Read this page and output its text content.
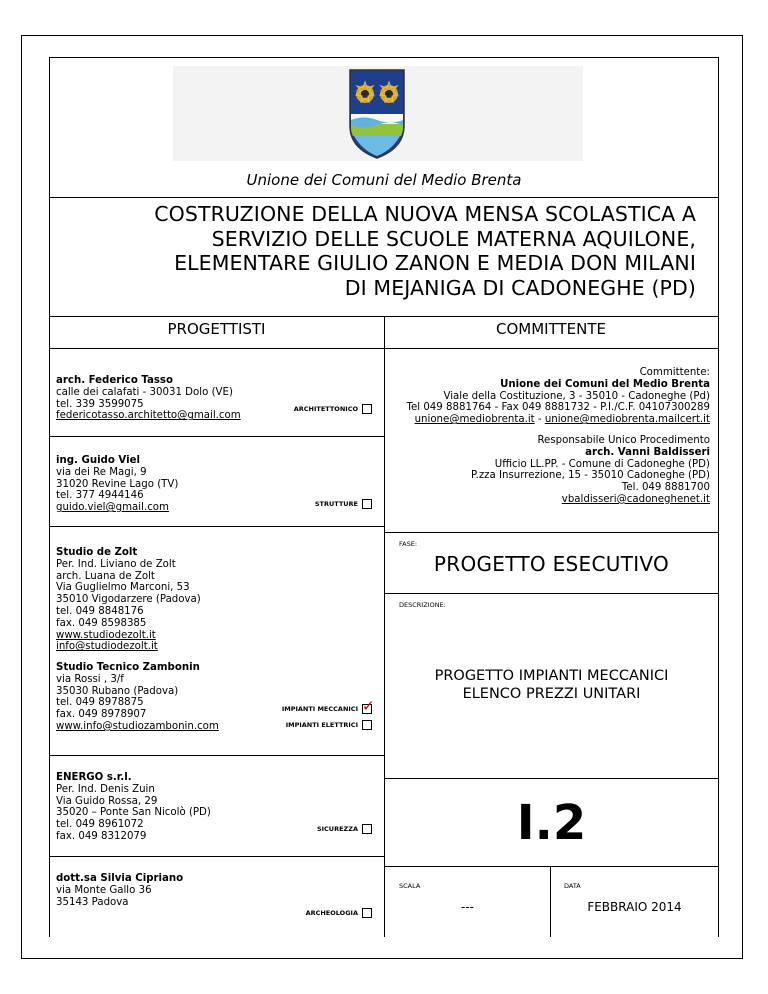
Unione dei Comuni del Medio Brenta
COSTRUZIONE DELLA NUOVA MENSA SCOLASTICA A
SERVIZIO DELLE SCUOLE MATERNA AQUILONE,
ELEMENTARE GIULIO ZANON E MEDIA DON MILANI
DI MEJANIGA DI CADONEGHE (PD)
PROGETTISTI	COMMITTENTE
arch. Federico Tasso
calle dei calafati - 30031 Dolo (VE)
tel. 339 3599075
federicotasso.architetto@gmail.com
ARCHITETTONICO
ing. Guido Viel
via dei Re Magi, 9
31020 Revine Lago (TV)
tel. 377 4944146
guido.viel@gmail.com	STRUTTURE
Studio de Zolt
Per. Ind. Liviano de Zolt
arch. Luana de Zolt
Via Guglielmo Marconi, 53
35010 Vigodarzere (Padova)
tel. 049 8848176
fax. 049 8598385
www.studiodezolt.it
info@studiodezolt.it
Studio Tecnico Zambonin
via Rossi , 3/f
35030 Rubano (Padova)
tel. 049 8978875
fax. 049 8978907
www.info@studiozambonin.com
IMPIANTI MECCANICI ✓
IMPIANTI ELETTRICI
ENERGO s.r.l.
Per. Ind. Denis Zuin
Via Guido Rossa, 29
35020 – Ponte San Nicolò (PD)
tel. 049 8961072
fax. 049 8312079
SICUREZZA
dott.sa Silvia Cipriano
via Monte Gallo 36
35143 Padova
ARCHEOLOGIA
Committente:
Unione dei Comuni del Medio Brenta
Viale della Costituzione, 3 - 35010 - Cadoneghe (Pd)
Tel 049 8881764 - Fax 049 8881732 - P.I./C.F. 04107300289
unione@mediobrenta.it - unione@mediobrenta.mailcert.it
Responsabile Unico Procedimento
arch. Vanni Baldisseri
Ufficio LL.PP. - Comune di Cadoneghe (PD)
P.zza Insurrezione, 15 - 35010 Cadoneghe (PD)
Tel. 049 8881700
vbaldisseri@cadoneghenet.it
FASE:
PROGETTO ESECUTIVO
DESCRIZIONE:
PROGETTO IMPIANTI MECCANICI
ELENCO PREZZI UNITARI
I.2
SCALA
---
DATA
FEBBRAIO 2014
